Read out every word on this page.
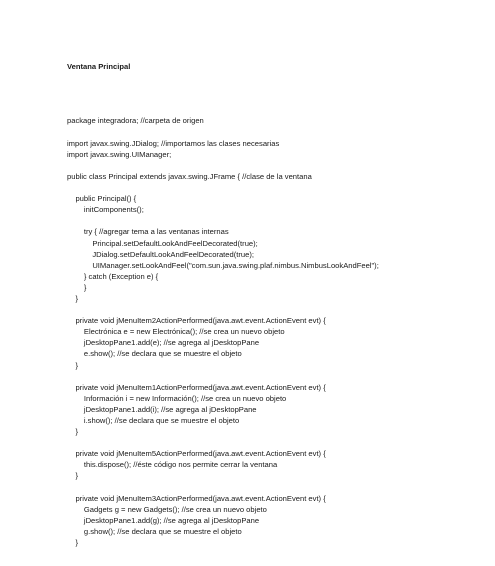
Ventana Principal

package integradora; //carpeta de origen
import javax.swing.JDialog; //importamos las clases necesarias
import javax.swing.UIManager;
public class Principal extends javax.swing.JFrame { //clase de la ventana
public Principal() {
initComponents();
try { //agregar tema a las ventanas internas
Principal.setDefaultLookAndFeelDecorated(true);
JDialog.setDefaultLookAndFeelDecorated(true);
UIManager.setLookAndFeel("com.sun.java.swing.plaf.nimbus.NimbusLookAndFeel");
} catch (Exception e) {
}
}
private void jMenuItem2ActionPerformed(java.awt.event.ActionEvent evt) {
Electrónica e = new Electrónica(); //se crea un nuevo objeto
jDesktopPane1.add(e); //se agrega al jDesktopPane
e.show(); //se declara que se muestre el objeto
}
private void jMenuItem1ActionPerformed(java.awt.event.ActionEvent evt) {
Información i = new Información(); //se crea un nuevo objeto
jDesktopPane1.add(i); //se agrega al jDesktopPane
i.show(); //se declara que se muestre el objeto
}
private void jMenuItem5ActionPerformed(java.awt.event.ActionEvent evt) {
this.dispose(); //éste código nos permite cerrar la ventana
}
private void jMenuItem3ActionPerformed(java.awt.event.ActionEvent evt) {
Gadgets g = new Gadgets(); //se crea un nuevo objeto
jDesktopPane1.add(g); //se agrega al jDesktopPane
g.show(); //se declara que se muestre el objeto
}
